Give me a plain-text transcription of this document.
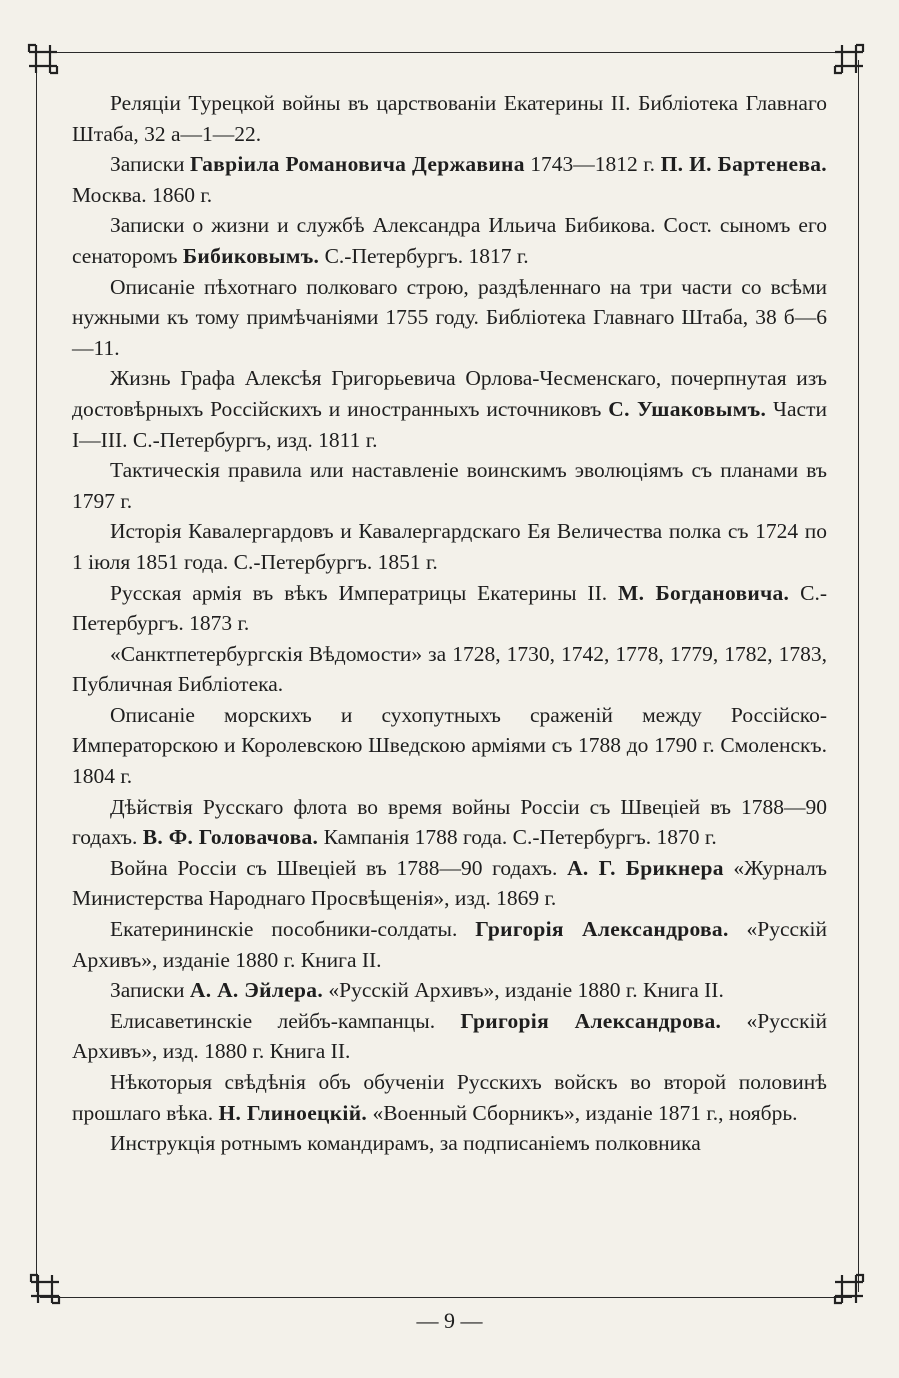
Реляціи Турецкой войны въ царствованіи Екатерины II. Библіотека Главнаго Штаба, 32 а—1—22.

Записки Гавріила Романовича Державина 1743—1812 г. П. И. Бартенева. Москва. 1860 г.

Записки о жизни и службѣ Александра Ильича Бибикова. Сост. сыномъ его сенаторомъ Бибиковымъ. С.-Петербургъ. 1817 г.

Описаніе пѣхотнаго полковаго строю, раздѣленнаго на три части со всѣми нужными къ тому примѣчаніями 1755 году. Библіотека Главнаго Штаба, 38 б—6—11.

Жизнь Графа Алексѣя Григорьевича Орлова-Чесменскаго, почерпнутая изъ достовѣрныхъ Россійскихъ и иностранныхъ источниковъ С. Ушаковымъ. Части I—III. С.-Петербургъ, изд. 1811 г.

Тактическія правила или наставленіе воинскимъ эволюціямъ съ планами въ 1797 г.

Исторія Кавалергардовъ и Кавалергардскаго Ея Величества полка съ 1724 по 1 іюля 1851 года. С.-Петербургъ. 1851 г.

Русская армія въ вѣкъ Императрицы Екатерины II. М. Богдановича. С.-Петербургъ. 1873 г.

«Санктпетербургскія Вѣдомости» за 1728, 1730, 1742, 1778, 1779, 1782, 1783, Публичная Библіотека.

Описаніе морскихъ и сухопутныхъ сраженій между Россійско-Императорскою и Королевскою Шведскою арміями съ 1788 до 1790 г. Смоленскъ. 1804 г.

Дѣйствія Русскаго флота во время войны Россіи съ Швеціей въ 1788—90 годахъ. В. Ф. Головачова. Кампанія 1788 года. С.-Петербургъ. 1870 г.

Война Россіи съ Швеціей въ 1788—90 годахъ. А. Г. Брикнера «Журналъ Министерства Народнаго Просвѣщенія», изд. 1869 г.

Екатерининскіе пособники-солдаты. Григорія Александрова. «Русскій Архивъ», изданіе 1880 г. Книга II.

Записки А. А. Эйлера. «Русскій Архивъ», изданіе 1880 г. Книга II.

Елисаветинскіе лейбъ-кампанцы. Григорія Александрова. «Русскій Архивъ», изд. 1880 г. Книга II.

Нѣкоторыя свѣдѣнія объ обученіи Русскихъ войскъ во второй половинѣ прошлаго вѣка. Н. Глиноецкій. «Военный Сборникъ», изданіе 1871 г., ноябрь.

Инструкція ротнымъ командирамъ, за подписаніемъ полковника

— 9 —
